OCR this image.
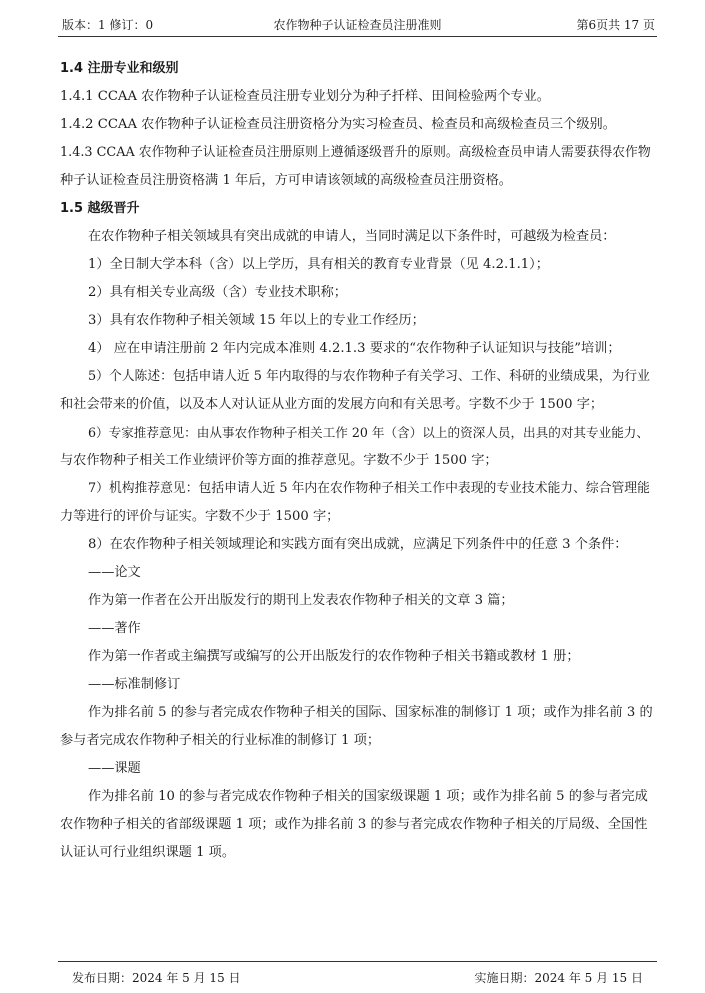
版本：1 修订：0	农作物种子认证检查员注册准则	第6页共 17 页

1.4 注册专业和级别

1.4.1 CCAA 农作物种子认证检查员注册专业划分为种子扦样、田间检验两个专业。

1.4.2 CCAA 农作物种子认证检查员注册资格分为实习检查员、检查员和高级检查员三个级别。

1.4.3 CCAA 农作物种子认证检查员注册原则上遵循逐级晋升的原则。高级检查员申请人需要获得农作物

种子认证检查员注册资格满 1 年后，方可申请该领域的高级检查员注册资格。

1.5 越级晋升

在农作物种子相关领域具有突出成就的申请人，当同时满足以下条件时，可越级为检查员：

1）全日制大学本科（含）以上学历，具有相关的教育专业背景（见 4.2.1.1）；

2）具有相关专业高级（含）专业技术职称；

3）具有农作物种子相关领域 15 年以上的专业工作经历；

4） 应在申请注册前 2 年内完成本准则 4.2.1.3 要求的“农作物种子认证知识与技能”培训；

5）个人陈述：包括申请人近 5 年内取得的与农作物种子有关学习、工作、科研的业绩成果，为行业

和社会带来的价值，以及本人对认证从业方面的发展方向和有关思考。字数不少于 1500 字；

6）专家推荐意见：由从事农作物种子相关工作 20 年（含）以上的资深人员，出具的对其专业能力、

与农作物种子相关工作业绩评价等方面的推荐意见。字数不少于 1500 字；

7）机构推荐意见：包括申请人近 5 年内在农作物种子相关工作中表现的专业技术能力、综合管理能

力等进行的评价与证实。字数不少于 1500 字；

8）在农作物种子相关领域理论和实践方面有突出成就，应满足下列条件中的任意 3 个条件：

——论文

作为第一作者在公开出版发行的期刊上发表农作物种子相关的文章 3 篇；

——著作

作为第一作者或主编撰写或编写的公开出版发行的农作物种子相关书籍或教材 1 册；

——标准制修订

作为排名前 5 的参与者完成农作物种子相关的国际、国家标准的制修订 1 项；或作为排名前 3 的

参与者完成农作物种子相关的行业标准的制修订 1 项；

——课题

作为排名前 10 的参与者完成农作物种子相关的国家级课题 1 项；或作为排名前 5 的参与者完成

农作物种子相关的省部级课题 1 项；或作为排名前 3 的参与者完成农作物种子相关的厅局级、全国性

认证认可行业组织课题 1 项。

发布日期：2024 年 5 月 15 日	实施日期：2024 年 5 月 15 日
